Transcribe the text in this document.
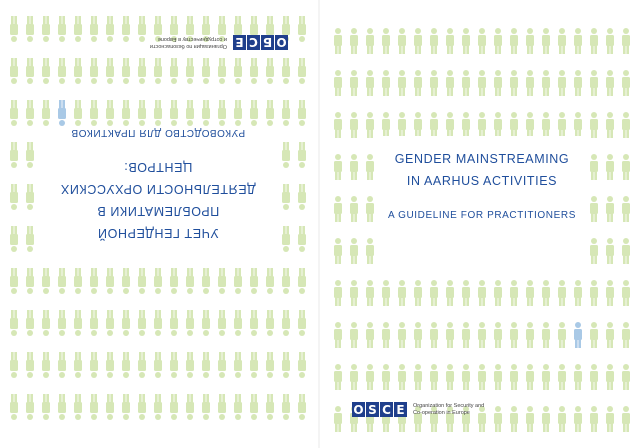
УЧЕТ ГЕНДЕРНОЙ

ПРОБЛЕМАТИКИ В

ДЕЯТЕЛЬНОСТИ ОРХУССКИХ

ЦЕНТРОВ:

РУКОВОДСТВО ДЛЯ ПРАКТИКОВ
О
Б
С
Е
Организация по безопасности
и сотрудничеству в Европе

GENDER MAINSTREAMING

IN AARHUS ACTIVITIES

A GUIDELINE FOR PRACTITIONERS
O S C E	Organization for Security and
Co-operation in Europe
